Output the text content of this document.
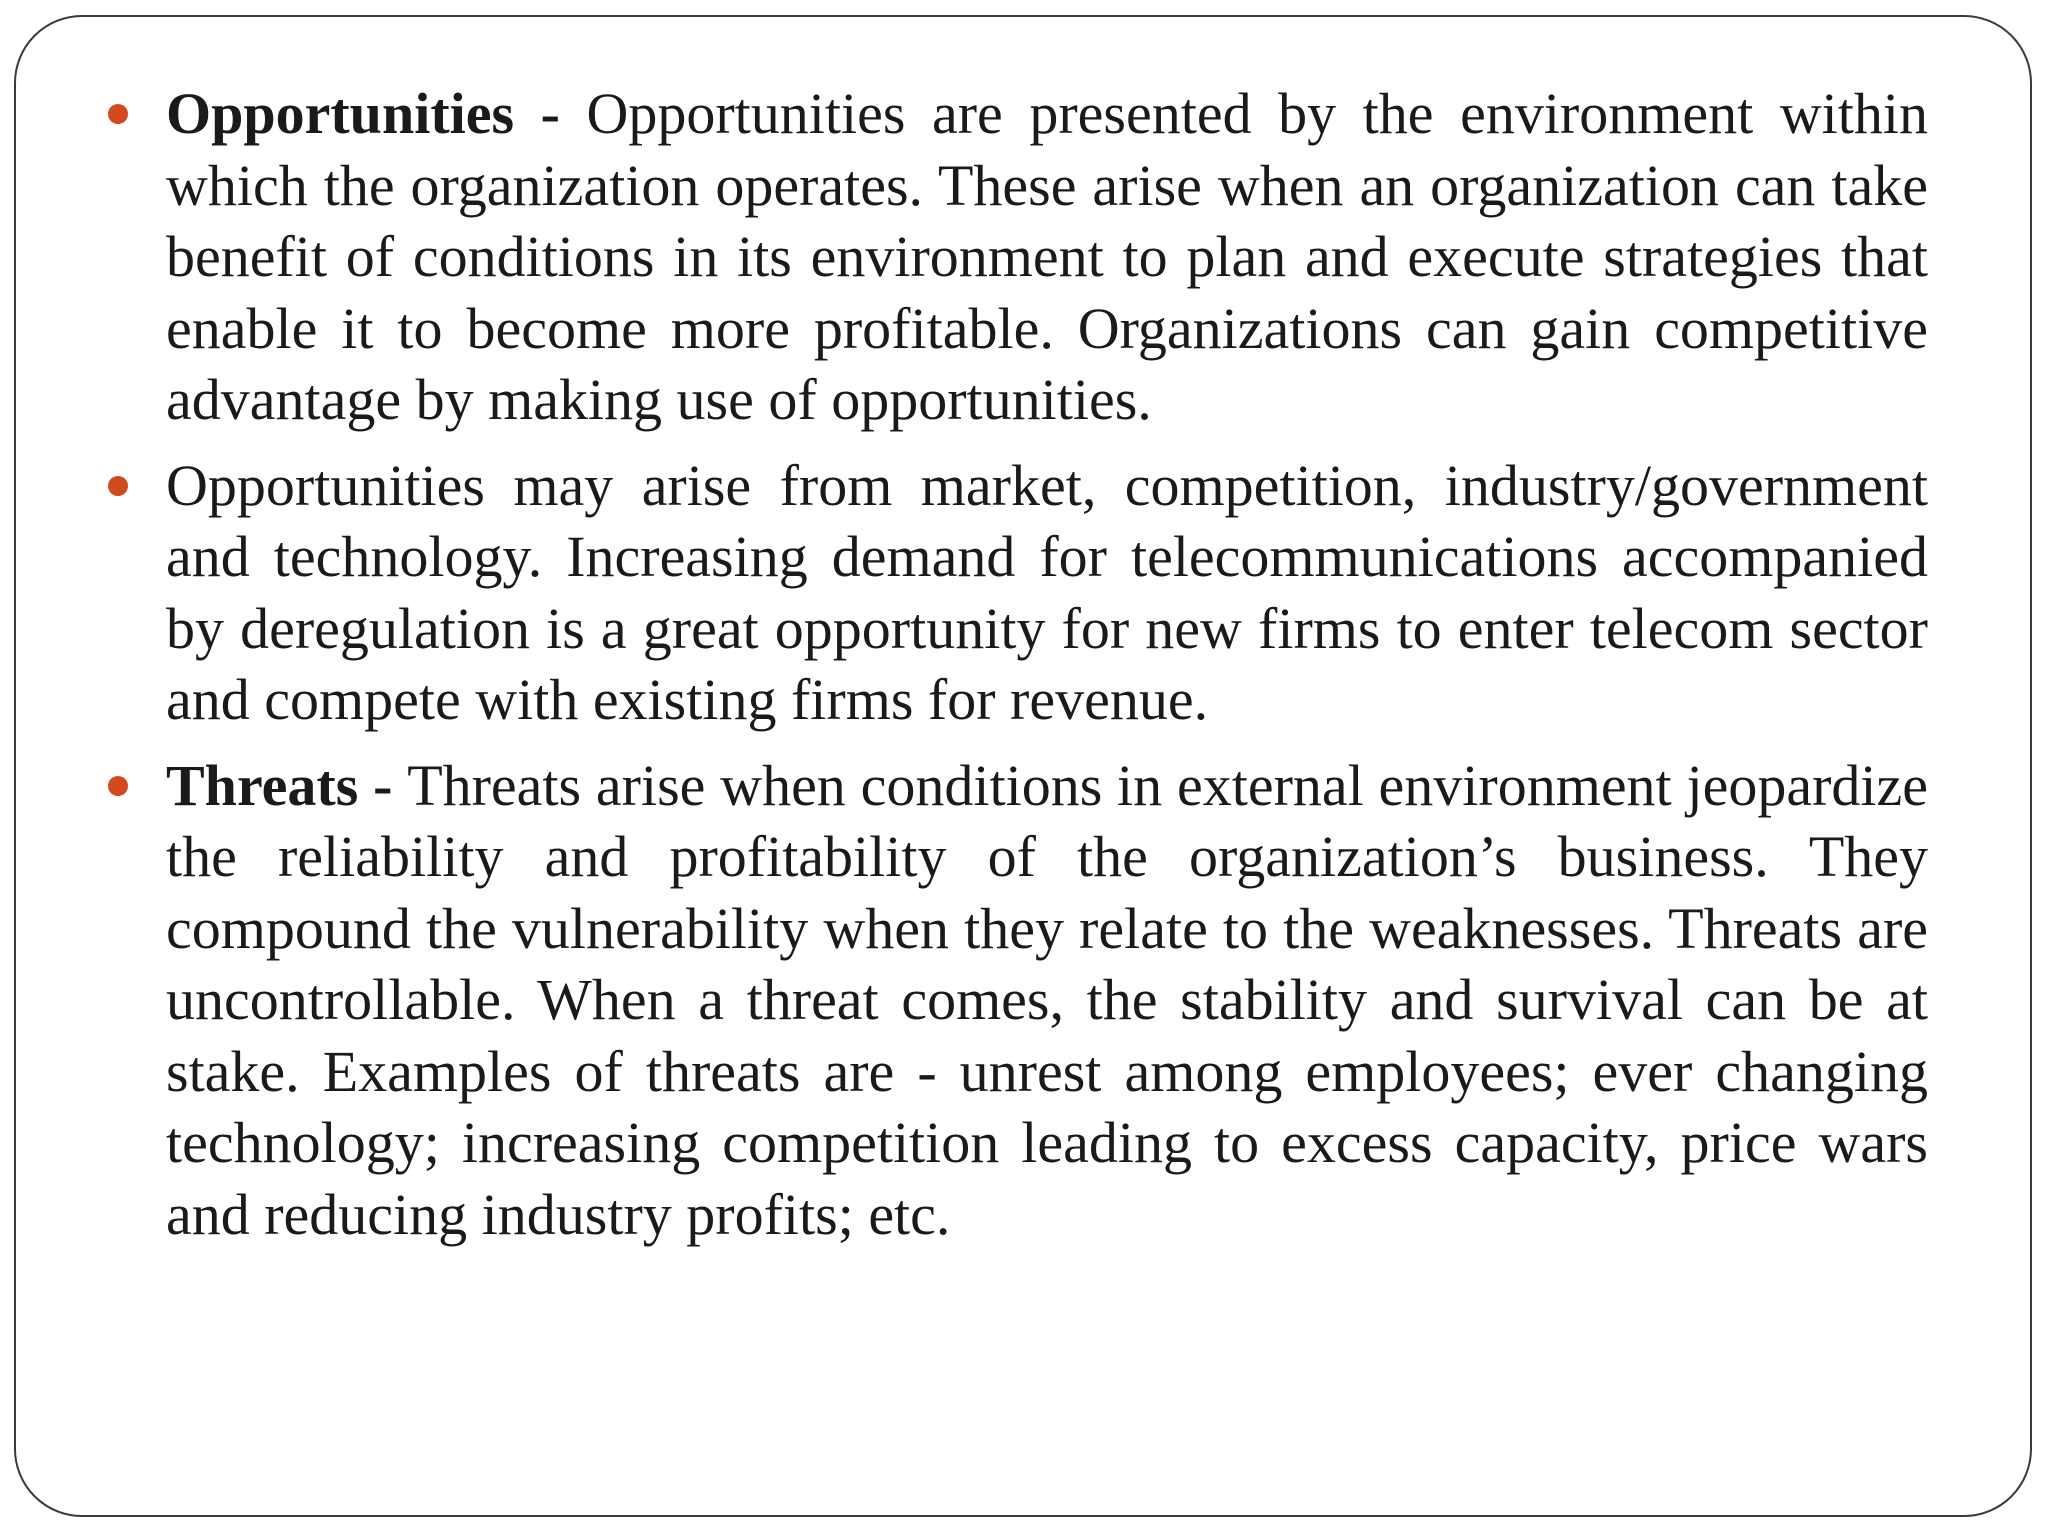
Opportunities - Opportunities are presented by the environment within which the organization operates. These arise when an organization can take benefit of conditions in its environment to plan and execute strategies that enable it to become more profitable. Organizations can gain competitive advantage by making use of opportunities.

Opportunities may arise from market, competition, industry/government and technology. Increasing demand for telecommunications accompanied by deregulation is a great opportunity for new firms to enter telecom sector and compete with existing firms for revenue.

Threats - Threats arise when conditions in external environment jeopardize the reliability and profitability of the organization’s business. They compound the vulnerability when they relate to the weaknesses. Threats are uncontrollable. When a threat comes, the stability and survival can be at stake. Examples of threats are - unrest among employees; ever changing technology; increasing competition leading to excess capacity, price wars and reducing industry profits; etc.
